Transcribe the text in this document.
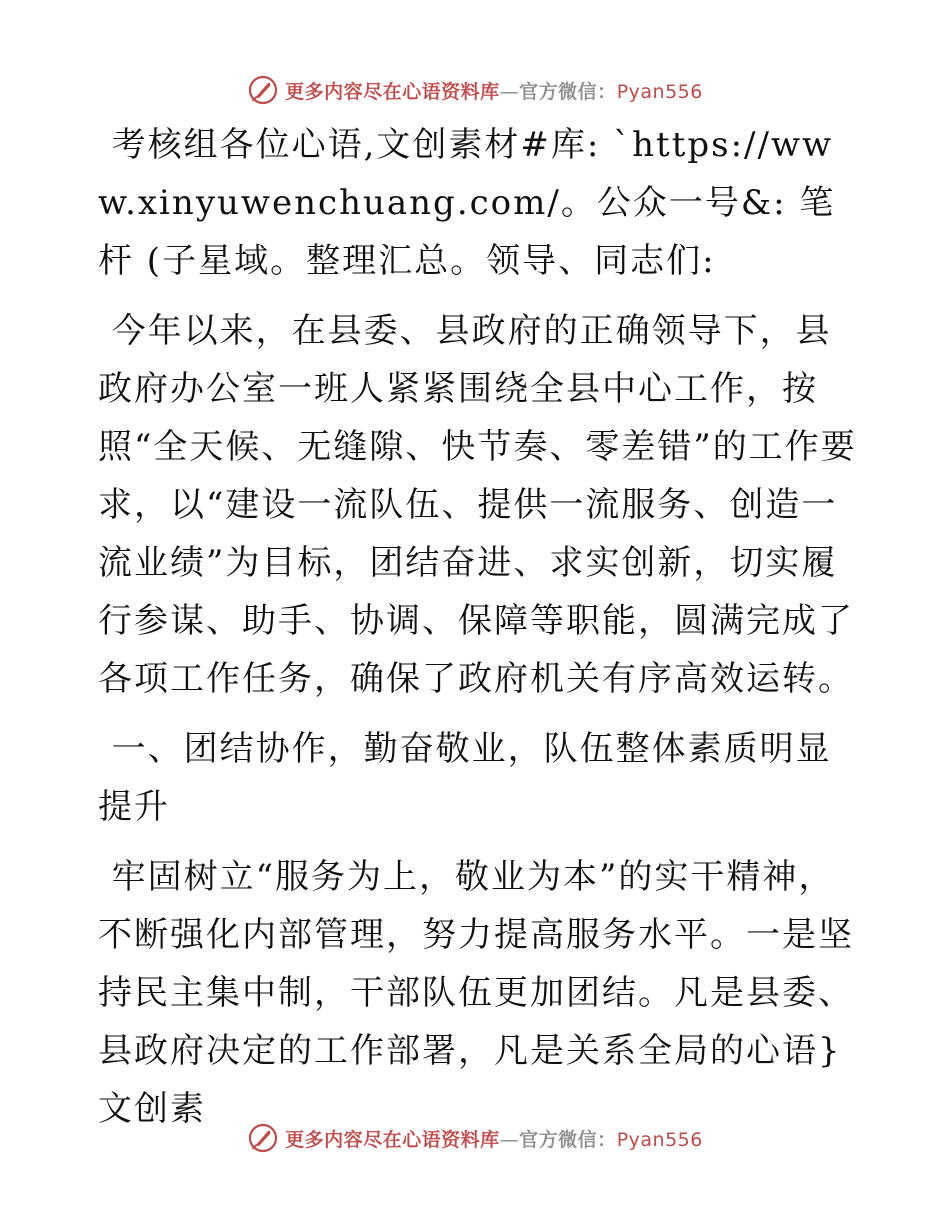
更多内容尽在心语资料库—官方微信：Pyan556

考核组各位心语,文创素材#库: `https://www.xinyuwenchuang.com/。公众一号&: 笔杆 (子星域。整理汇总。领导、同志们:

今年以来，在县委、县政府的正确领导下，县政府办公室一班人紧紧围绕全县中心工作，按照“全天候、无缝隙、快节奏、零差错”的工作要求，以“建设一流队伍、提供一流服务、创造一流业绩”为目标，团结奋进、求实创新，切实履行参谋、助手、协调、保障等职能，圆满完成了各项工作任务，确保了政府机关有序高效运转。

一、团结协作，勤奋敬业，队伍整体素质明显提升

牢固树立“服务为上，敬业为本”的实干精神，不断强化内部管理，努力提高服务水平。一是坚持民主集中制，干部队伍更加团结。凡是县委、县政府决定的工作部署，凡是关系全局的心语}文创素

更多内容尽在心语资料库—官方微信：Pyan556
